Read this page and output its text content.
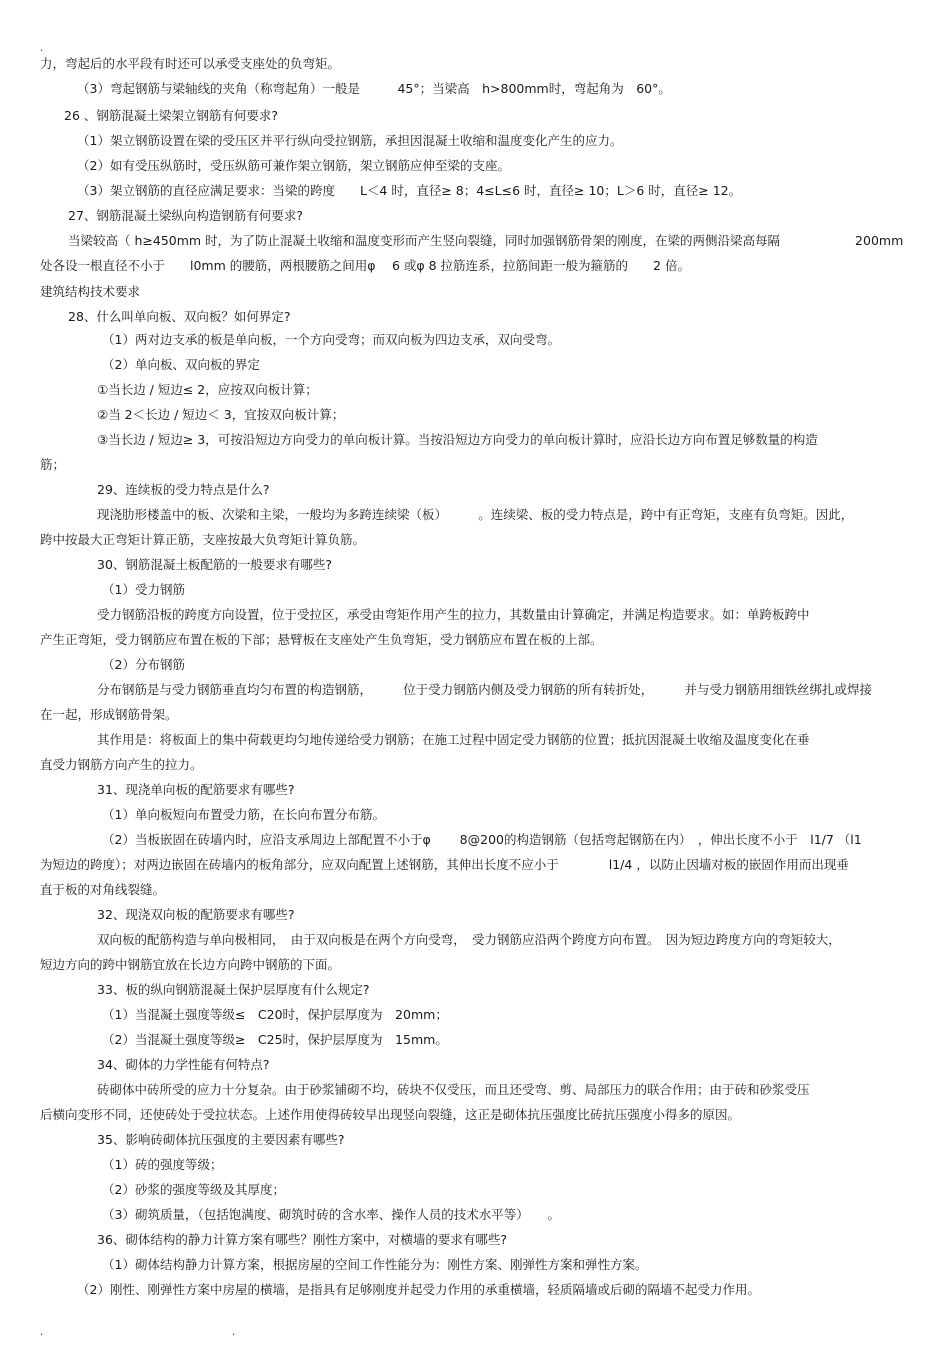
.
力，弯起后的水平段有时还可以承受支座处的负弯矩。
（3）弯起钢筋与梁轴线的夹角（称弯起角）一般是　　　45°；当梁高　h>800mm时，弯起角为　60°。
26 、钢筋混凝土梁架立钢筋有何要求?
（1）架立钢筋设置在梁的受压区并平行纵向受拉钢筋，承担因混凝土收缩和温度变化产生的应力。
（2）如有受压纵筋时，受压纵筋可兼作架立钢筋，架立钢筋应伸至梁的支座。
（3）架立钢筋的直径应满足要求：当梁的跨度　　L＜4 时，直径≥ 8；4≤L≤6 时，直径≥ 10；L＞6 时，直径≥ 12。
27、钢筋混凝土梁纵向构造钢筋有何要求?
当梁较高（ h≥450mm 时，为了防止混凝土收缩和温度变形而产生竖向裂缝，同时加强钢筋骨架的刚度，在梁的两侧沿梁高每隔　　　　　　200mm
处各设一根直径不小于　　l0mm 的腰筋，两根腰筋之间用φ　 6 或φ 8 拉筋连系，拉筋间距一般为箍筋的　　2 倍。
建筑结构技术要求
28、什么叫单向板、双向板？如何界定?
（1）两对边支承的板是单向板，一个方向受弯；而双向板为四边支承，双向受弯。
（2）单向板、双向板的界定
①当长边 / 短边≤ 2，应按双向板计算；
②当 2＜长边 / 短边＜ 3，宜按双向板计算；
③当长边 / 短边≥ 3，可按沿短边方向受力的单向板计算。当按沿短边方向受力的单向板计算时，应沿长边方向布置足够数量的构造
筋；
29、连续板的受力特点是什么?
现浇肋形楼盖中的板、次梁和主梁，一般均为多跨连续梁（板）　　　。连续梁、板的受力特点是，跨中有正弯矩，支座有负弯矩。因此，
跨中按最大正弯矩计算正筋，支座按最大负弯矩计算负筋。
30、钢筋混凝土板配筋的一般要求有哪些?
（1）受力钢筋
受力钢筋沿板的跨度方向设置，位于受拉区，承受由弯矩作用产生的拉力，其数量由计算确定，并满足构造要求。如：单跨板跨中
产生正弯矩，受力钢筋应布置在板的下部；悬臂板在支座处产生负弯矩，受力钢筋应布置在板的上部。
（2）分布钢筋
分布钢筋是与受力钢筋垂直均匀布置的构造钢筋，　　　位于受力钢筋内侧及受力钢筋的所有转折处，　　　并与受力钢筋用细铁丝绑扎或焊接
在一起，形成钢筋骨架。
其作用是：将板面上的集中荷载更均匀地传递给受力钢筋；在施工过程中固定受力钢筋的位置；抵抗因混凝土收缩及温度变化在垂
直受力钢筋方向产生的拉力。
31、现浇单向板的配筋要求有哪些?
（1）单向板短向布置受力筋，在长向布置分布筋。
（2）当板嵌固在砖墙内时，应沿支承周边上部配置不小于φ　　 8@200的构造钢筋（包括弯起钢筋在内）　，伸出长度不小于　l1/7 （l1
为短边的跨度）；对两边嵌固在砖墙内的板角部分，应双向配置上述钢筋，其伸出长度不应小于　　　　l1/4 ，以防止因墙对板的嵌固作用而出现垂
直于板的对角线裂缝。
32、现浇双向板的配筋要求有哪些?
双向板的配筋构造与单向极相同，　由于双向板是在两个方向受弯，　受力钢筋应沿两个跨度方向布置。　因为短边跨度方向的弯矩较大，
短边方向的跨中钢筋宜放在长边方向跨中钢筋的下面。
33、板的纵向钢筋混凝土保护层厚度有什么规定?
（1）当混凝土强度等级≤　C20时，保护层厚度为　20mm；
（2）当混凝土强度等级≥　C25时，保护层厚度为　15mm。
34、砌体的力学性能有何特点?
砖砌体中砖所受的应力十分复杂。由于砂浆铺砌不均，砖块不仅受压，而且还受弯、剪、局部压力的联合作用；由于砖和砂浆受压
后横向变形不同，还使砖处于受拉状态。上述作用使得砖较早出现竖向裂缝，这正是砌体抗压强度比砖抗压强度小得多的原因。
35、影响砖砌体抗压强度的主要因素有哪些?
（1）砖的强度等级；
（2）砂浆的强度等级及其厚度；
（3）砌筑质量，（包括饱满度、砌筑时砖的含水率、操作人员的技术水平等）　　。
36、砌体结构的静力计算方案有哪些？刚性方案中，对横墙的要求有哪些?
（1）砌体结构静力计算方案，根据房屋的空间工作性能分为：刚性方案、刚弹性方案和弹性方案。
（2）刚性、刚弹性方案中房屋的横墙，是指具有足够刚度并起受力作用的承重横墙，轻质隔墙或后砌的隔墙不起受力作用。
.	.
